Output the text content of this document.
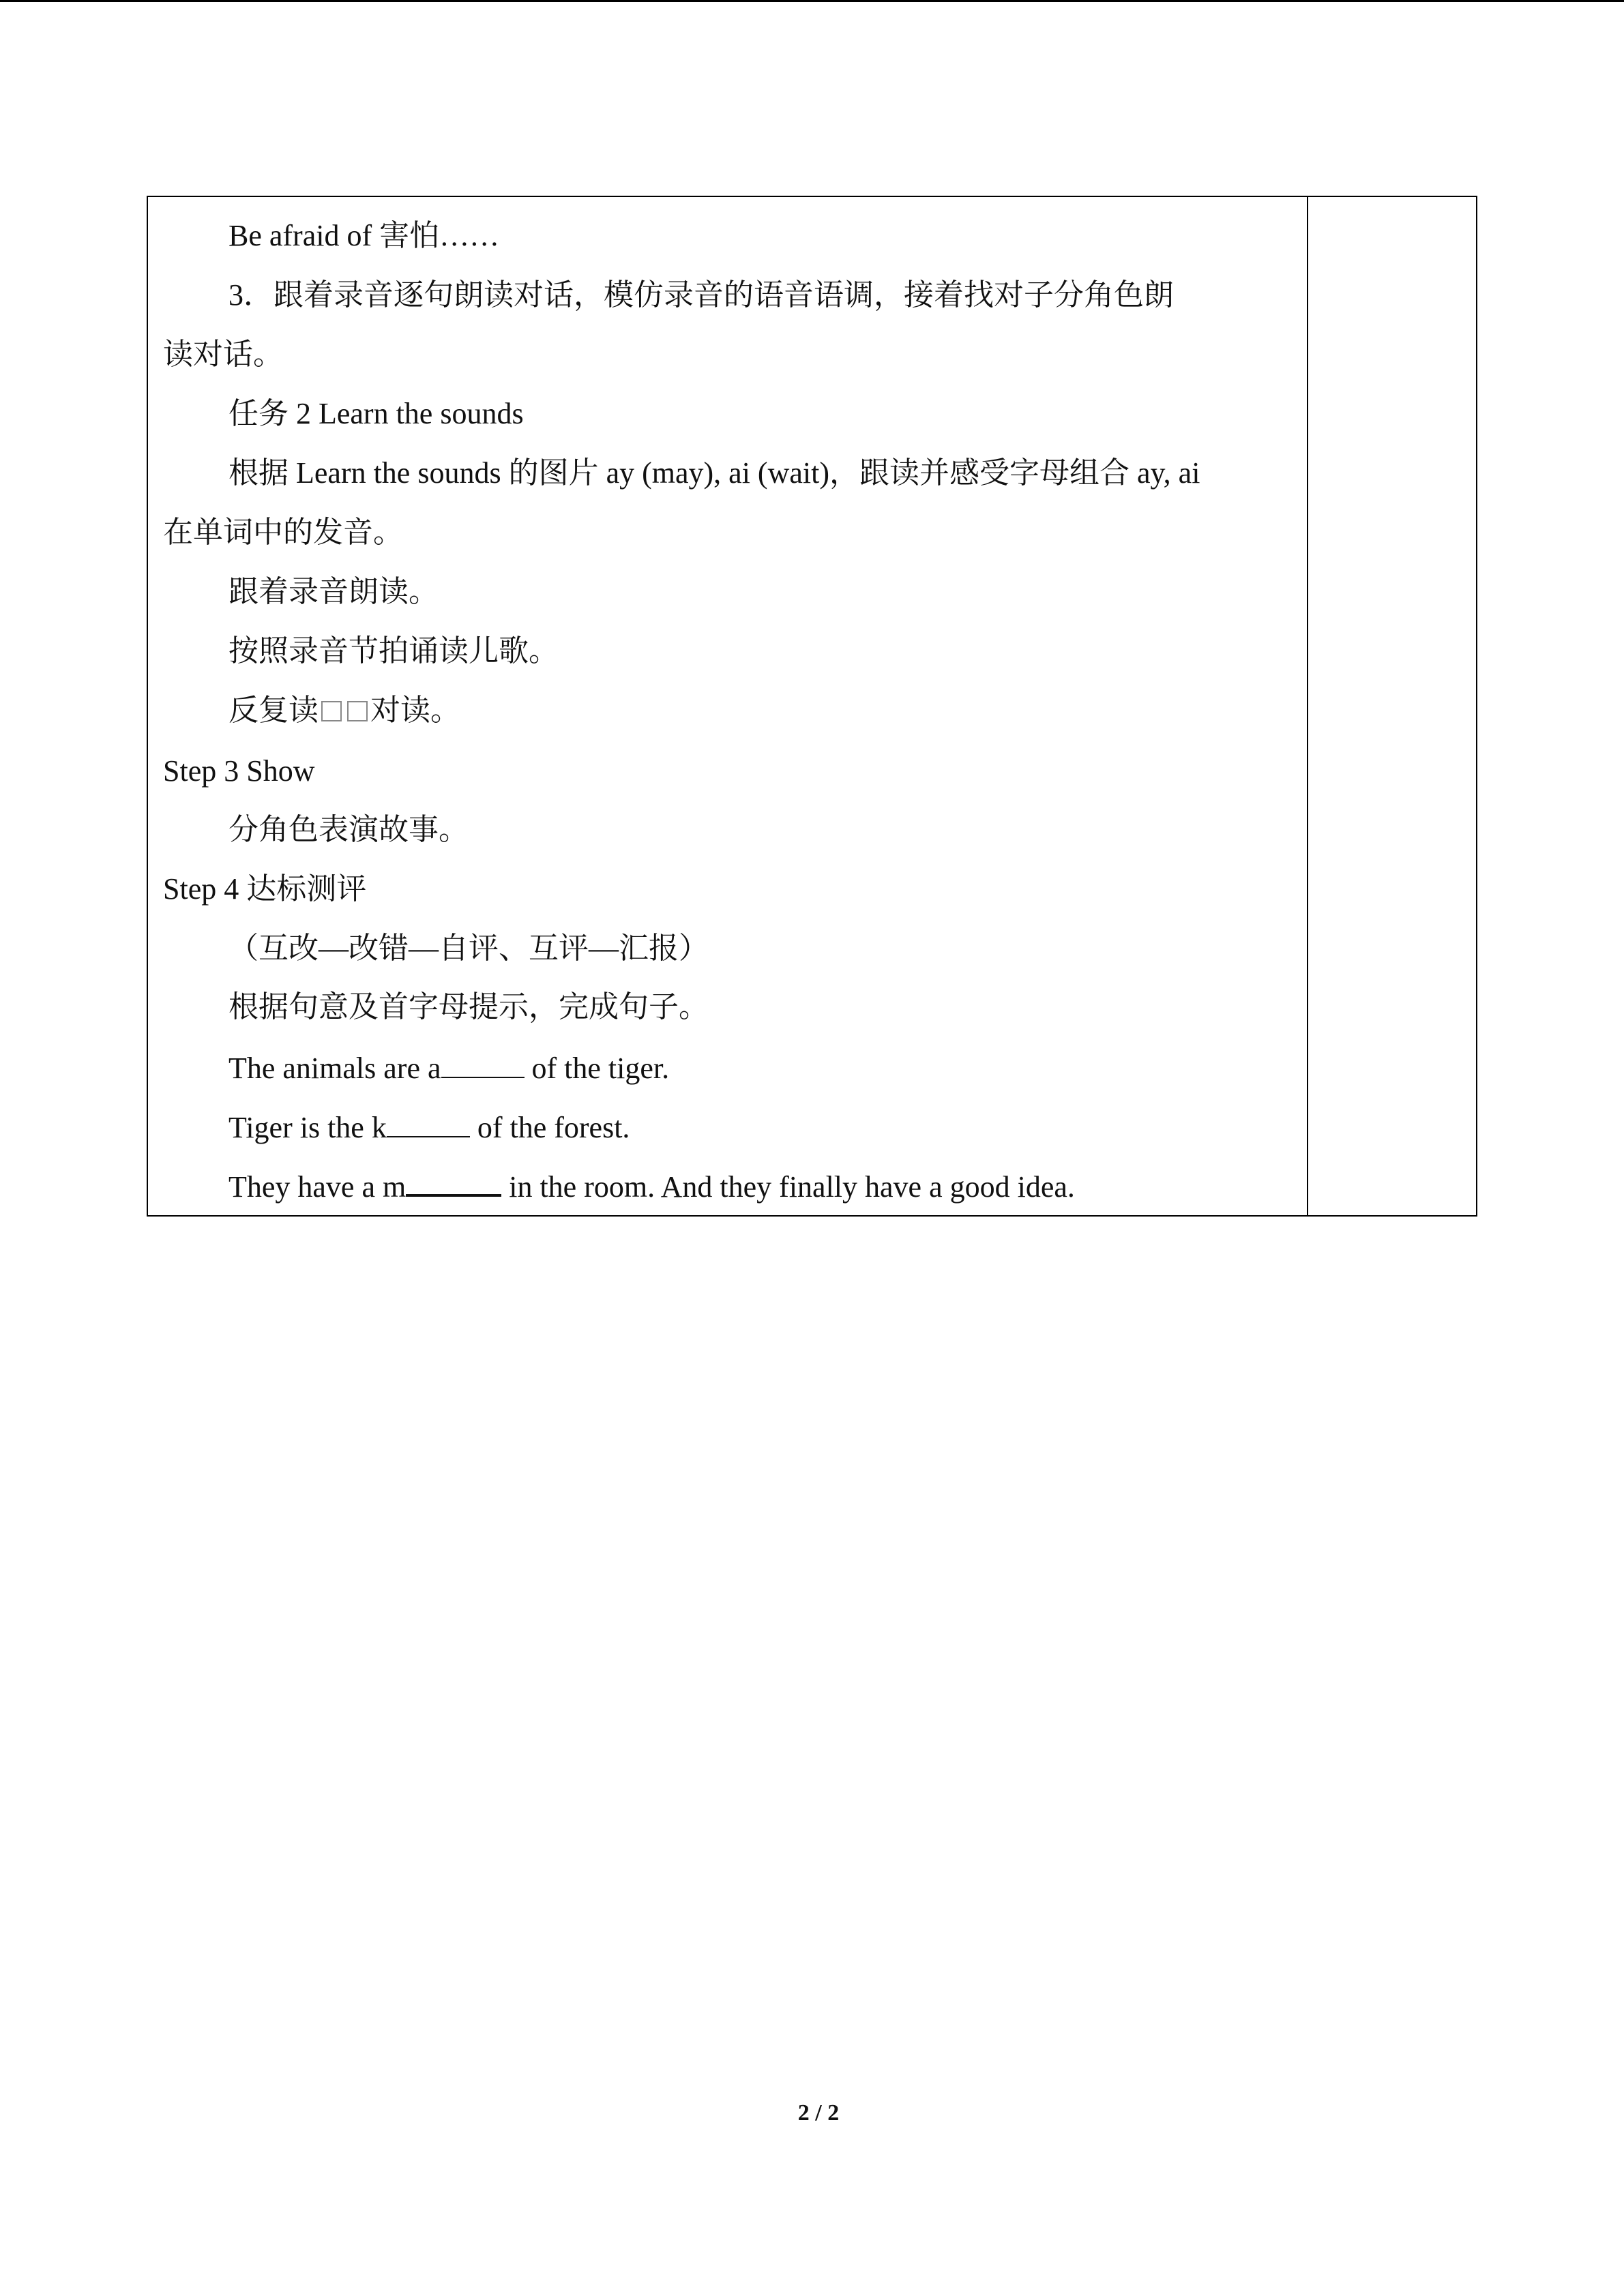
Be afraid of 害怕……
3．跟着录音逐句朗读对话，模仿录音的语音语调，接着找对子分角色朗
读对话。
任务 2 Learn the sounds
根据 Learn the sounds 的图片 ay (may), ai (wait)，跟读并感受字母组合 ay, ai
在单词中的发音。
跟着录音朗读。
按照录音节拍诵读儿歌。
反复读 对读。
Step 3 Show
分角色表演故事。
Step 4 达标测评
（互改—改错—自评、互评—汇报）
根据句意及首字母提示，完成句子。
The animals are a	of the tiger.
Tiger is the k	of the forest.
They have a m	in the room. And they finally have a good idea.
2 / 2
